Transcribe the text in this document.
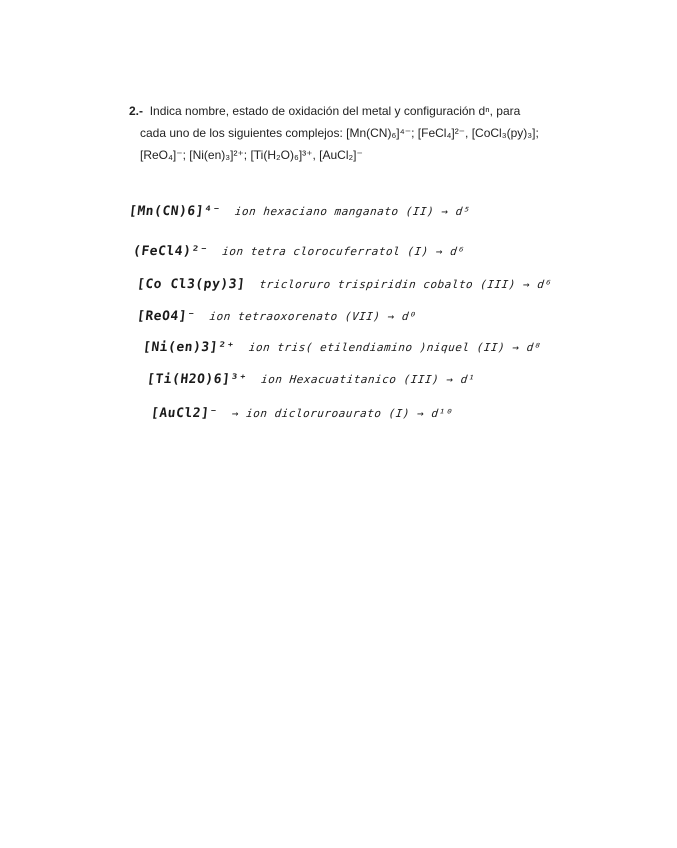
2.- Indica nombre, estado de oxidación del metal y configuración dⁿ, para
cada uno de los siguientes complejos: [Mn(CN)₆]⁴⁻; [FeCl₄]²⁻, [CoCl₃(py)₃];
[ReO₄]⁻; [Ni(en)₃]²⁺; [Ti(H₂O)₆]³⁺, [AuCl₂]⁻
[Mn(CN)6]⁴⁻ ion hexaciano manganato (II) → d⁵
(FeCl4)²⁻ ion tetra clorocuferratol (I) → d⁶
[Co Cl3(py)3] tricloruro trispiridin cobalto (III) → d⁶
[ReO4]⁻ ion tetraoxorenato (VII) → d⁰
[Ni(en)3]²⁺ ion tris( etilendiamino )niquel (II) → d⁸
[Ti(H2O)6]³⁺ ion Hexacuatitanico (III) → d¹
[AuCl2]⁻ → ion dicloruroaurato (I) → d¹⁰
